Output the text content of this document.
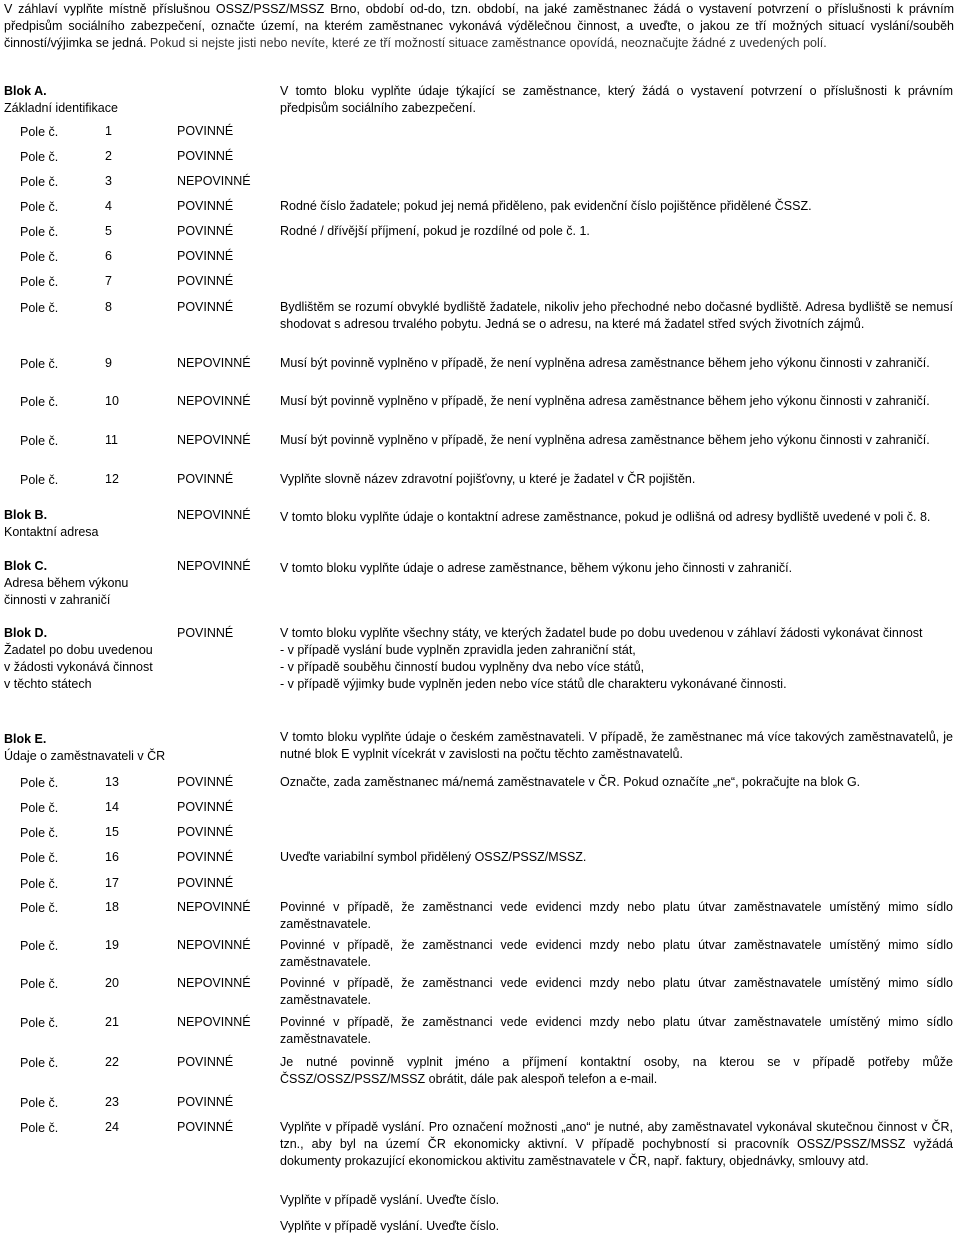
V záhlaví vyplňte místně příslušnou OSSZ/PSSZ/MSSZ Brno, období od-do, tzn. období, na jaké zaměstnanec žádá o vystavení potvrzení o příslušnosti k právním předpisům sociálního zabezpečení, označte území, na kterém zaměstnanec vykonává výdělečnou činnost, a uveďte, o jakou ze tří možných situací vyslání/souběh činností/výjimka se jedná. Pokud si nejste jisti nebo nevíte, které ze tří možností situace zaměstnance opovídá, neoznačujte žádné z uvedených polí.

Blok A.
Základní identifikace
V tomto bloku vyplňte údaje týkající se zaměstnance, který žádá o vystavení potvrzení o příslušnosti k právním předpisům sociálního zabezpečení.
Pole č.	1	POVINNÉ
Pole č.	2	POVINNÉ
Pole č.	3	NEPOVINNÉ
Pole č.	4	POVINNÉ	Rodné číslo žadatele; pokud jej nemá přiděleno, pak evidenční číslo pojištěnce přidělené ČSSZ.
Pole č.	5	POVINNÉ	Rodné / dřívější příjmení, pokud je rozdílné od pole č. 1.
Pole č.	6	POVINNÉ
Pole č.	7	POVINNÉ
Pole č.	8	POVINNÉ	Bydlištěm se rozumí obvyklé bydliště žadatele, nikoliv jeho přechodné nebo dočasné bydliště. Adresa bydliště se nemusí shodovat s adresou trvalého pobytu. Jedná se o adresu, na které má žadatel střed svých životních zájmů.
Pole č.	9	NEPOVINNÉ	Musí být povinně vyplněno v případě, že není vyplněna adresa zaměstnance během jeho výkonu činnosti v zahraničí.
Pole č.	10	NEPOVINNÉ	Musí být povinně vyplněno v případě, že není vyplněna adresa zaměstnance během jeho výkonu činnosti v zahraničí.
Pole č.	11	NEPOVINNÉ	Musí být povinně vyplněno v případě, že není vyplněna adresa zaměstnance během jeho výkonu činnosti v zahraničí.
Pole č.	12	POVINNÉ	Vyplňte slovně název zdravotní pojišťovny, u které je žadatel v ČR pojištěn.
Blok B.
Kontaktní adresa
NEPOVINNÉ	V tomto bloku vyplňte údaje o kontaktní adrese zaměstnance, pokud je odlišná od adresy bydliště uvedené v poli č. 8.
Blok C.
Adresa během výkonu činnosti v zahraničí
NEPOVINNÉ	V tomto bloku vyplňte údaje o adrese zaměstnance, během výkonu jeho činnosti v zahraničí.
Blok D.
Žadatel po dobu uvedenou v žádosti vykonává činnost v těchto státech
POVINNÉ	V tomto bloku vyplňte všechny státy, ve kterých žadatel bude po dobu uvedenou v záhlaví žádosti vykonávat činnost
- v případě vyslání bude vyplněn zpravidla jeden zahraniční stát,
- v případě souběhu činností budou vyplněny dva nebo více států,
- v případě výjimky bude vyplněn jeden nebo více států dle charakteru vykonávané činnosti.
Blok E.
Údaje o zaměstnavateli v ČR
V tomto bloku vyplňte údaje o českém zaměstnavateli. V případě, že zaměstnanec má více takových zaměstnavatelů, je nutné blok E vyplnit vícekrát v zavislosti na počtu těchto zaměstnavatelů.
Pole č.	13	POVINNÉ	Označte, zada zaměstnanec má/nemá zaměstnavatele v ČR. Pokud označíte „ne“, pokračujte na blok G.
Pole č.	14	POVINNÉ
Pole č.	15	POVINNÉ
Pole č.	16	POVINNÉ	Uveďte variabilní symbol přidělený OSSZ/PSSZ/MSSZ.
Pole č.	17	POVINNÉ
Pole č.	18	NEPOVINNÉ	Povinné v případě, že zaměstnanci vede evidenci mzdy nebo platu útvar zaměstnavatele umístěný mimo sídlo zaměstnavatele.
Pole č.	19	NEPOVINNÉ	Povinné v případě, že zaměstnanci vede evidenci mzdy nebo platu útvar zaměstnavatele umístěný mimo sídlo zaměstnavatele.
Pole č.	20	NEPOVINNÉ	Povinné v případě, že zaměstnanci vede evidenci mzdy nebo platu útvar zaměstnavatele umístěný mimo sídlo zaměstnavatele.
Pole č.	21	NEPOVINNÉ	Povinné v případě, že zaměstnanci vede evidenci mzdy nebo platu útvar zaměstnavatele umístěný mimo sídlo zaměstnavatele.
Pole č.	22	POVINNÉ	Je nutné povinně vyplnit jméno a příjmení kontaktní osoby, na kterou se v případě potřeby může ČSSZ/OSSZ/PSSZ/MSSZ obrátit, dále pak alespoň telefon a e-mail.
Pole č.	23	POVINNÉ
Pole č.	24	POVINNÉ	Vyplňte v případě vyslání. Pro označení možnosti „ano“ je nutné, aby zaměstnavatel vykonával skutečnou činnost v ČR, tzn., aby byl na území ČR ekonomicky aktivní. V případě pochybností si pracovník OSSZ/PSSZ/MSSZ vyžádá dokumenty prokazující ekonomickou aktivitu zaměstnavatele v ČR, např. faktury, objednávky, smlouvy atd.
Vyplňte v případě vyslání. Uveďte číslo.
Vyplňte v případě vyslání. Uveďte číslo.
